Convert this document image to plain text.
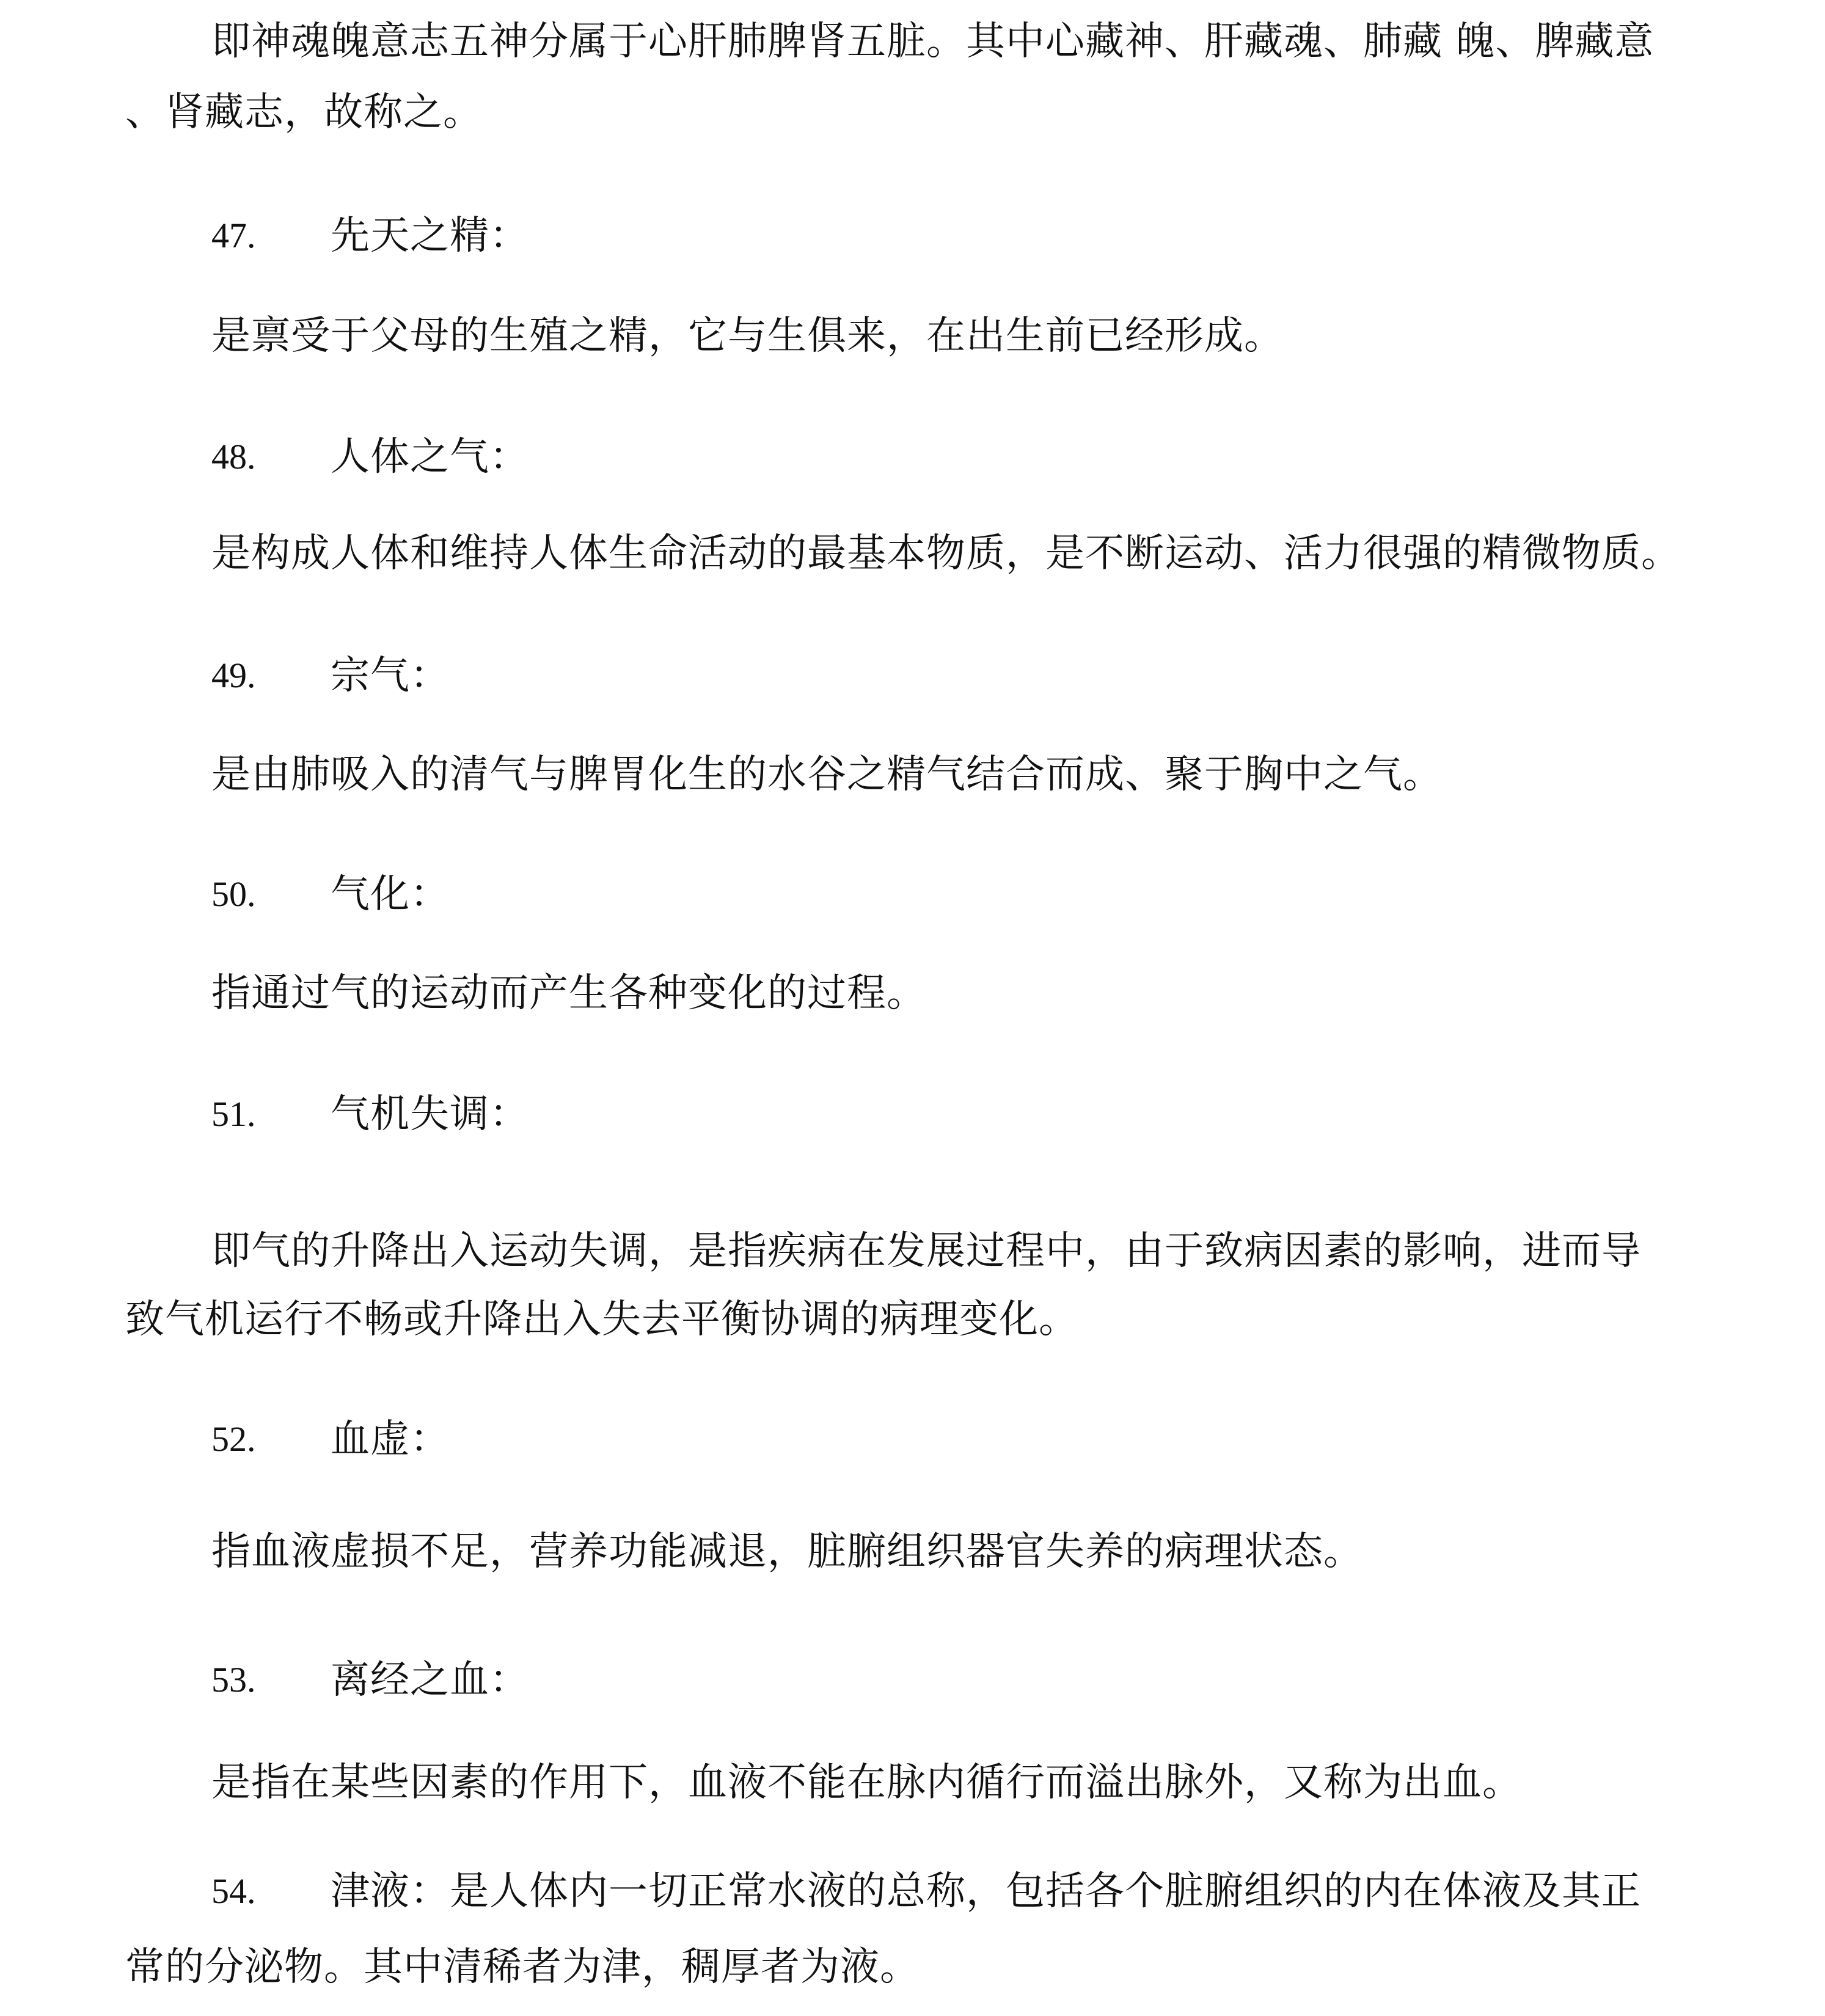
即神魂魄意志五神分属于心肝肺脾肾五脏。其中心藏神、肝藏魂、肺藏 魄、脾藏意
、肾藏志，故称之。
47. 先天之精：
是禀受于父母的生殖之精，它与生俱来，在出生前已经形成。
48. 人体之气：
是构成人体和维持人体生命活动的最基本物质，是不断运动、活力很强的精微物质。
49. 宗气：
是由肺吸入的清气与脾胃化生的水谷之精气结合而成、聚于胸中之气。
50. 气化：
指通过气的运动而产生各种变化的过程。
51. 气机失调：
即气的升降出入运动失调，是指疾病在发展过程中，由于致病因素的影响，进而导
致气机运行不畅或升降出入失去平衡协调的病理变化。
52. 血虚：
指血液虚损不足，营养功能减退，脏腑组织器官失养的病理状态。
53. 离经之血：
是指在某些因素的作用下，血液不能在脉内循行而溢出脉外，又称为出血。
54. 津液：是人体内一切正常水液的总称，包括各个脏腑组织的内在体液及其正
常的分泌物。其中清稀者为津，稠厚者为液。
